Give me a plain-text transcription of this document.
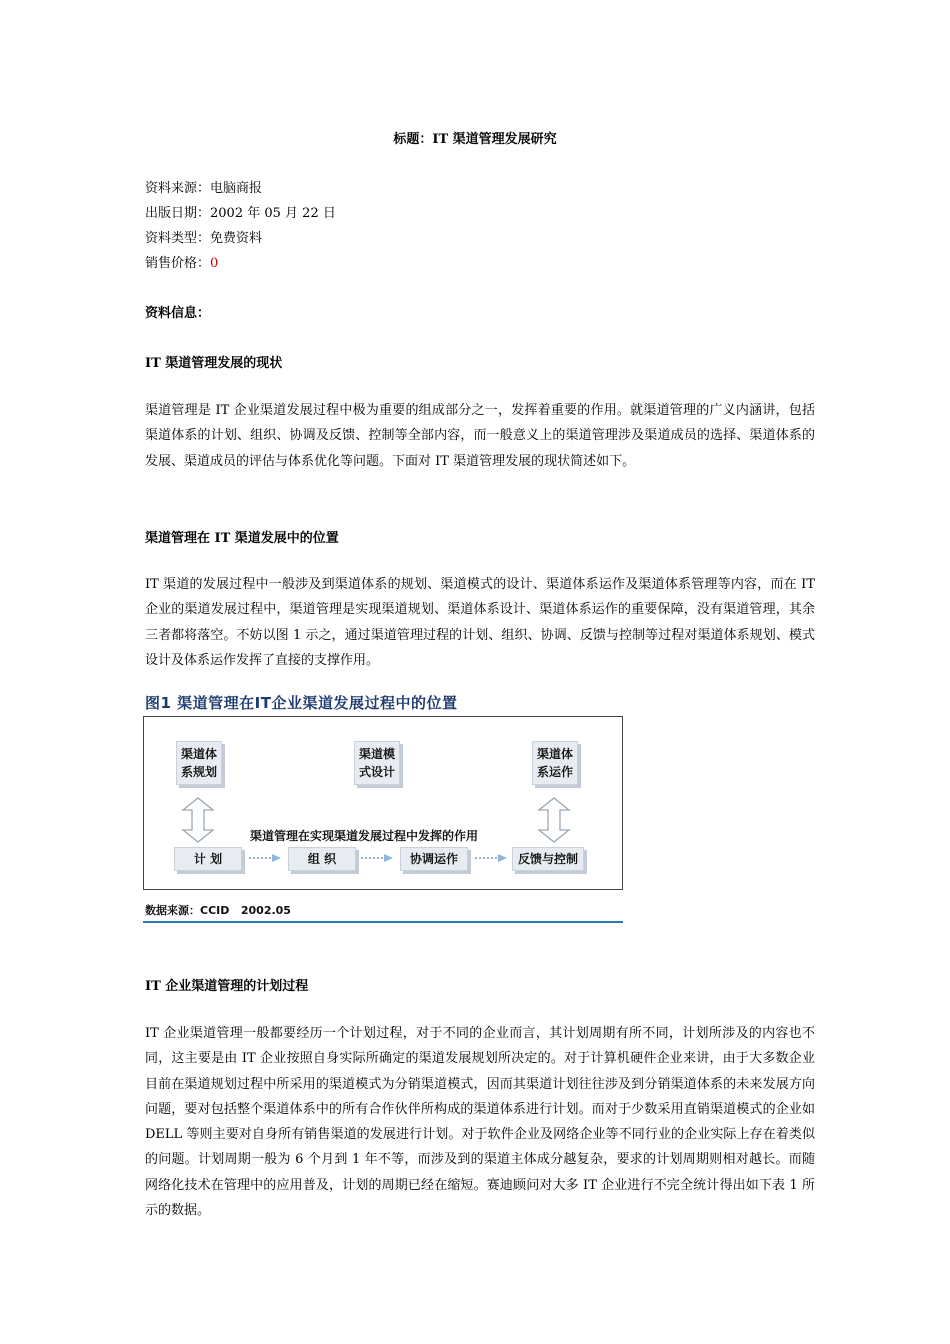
标题：IT 渠道管理发展研究
资料来源：电脑商报
出版日期：2002 年 05 月 22 日
资料类型：免费资料
销售价格：0
资料信息：
IT 渠道管理发展的现状
渠道管理是 IT 企业渠道发展过程中极为重要的组成部分之一，发挥着重要的作用。就渠道管理的广义内涵讲，包括渠道体系的计划、组织、协调及反馈、控制等全部内容，而一般意义上的渠道管理涉及渠道成员的选择、渠道体系的发展、渠道成员的评估与体系优化等问题。下面对 IT 渠道管理发展的现状简述如下。
渠道管理在 IT 渠道发展中的位置
IT 渠道的发展过程中一般涉及到渠道体系的规划、渠道模式的设计、渠道体系运作及渠道体系管理等内容，而在 IT 企业的渠道发展过程中，渠道管理是实现渠道规划、渠道体系设计、渠道体系运作的重要保障，没有渠道管理，其余三者都将落空。不妨以图 1 示之，通过渠道管理过程的计划、组织、协调、反馈与控制等过程对渠道体系规划、模式设计及体系运作发挥了直接的支撑作用。
图1 渠道管理在IT企业渠道发展过程中的位置
渠道体
系规划
渠道模
式设计
渠道体
系运作
渠道管理在实现渠道发展过程中发挥的作用
计 划	组 织	协调运作	反馈与控制
数据来源：CCID   2002.05
IT 企业渠道管理的计划过程
IT 企业渠道管理一般都要经历一个计划过程，对于不同的企业而言，其计划周期有所不同，计划所涉及的内容也不同，这主要是由 IT 企业按照自身实际所确定的渠道发展规划所决定的。对于计算机硬件企业来讲，由于大多数企业目前在渠道规划过程中所采用的渠道模式为分销渠道模式，因而其渠道计划往往涉及到分销渠道体系的未来发展方向问题，要对包括整个渠道体系中的所有合作伙伴所构成的渠道体系进行计划。而对于少数采用直销渠道模式的企业如 DELL 等则主要对自身所有销售渠道的发展进行计划。对于软件企业及网络企业等不同行业的企业实际上存在着类似的问题。计划周期一般为 6 个月到 1 年不等，而涉及到的渠道主体成分越复杂，要求的计划周期则相对越长。而随网络化技术在管理中的应用普及，计划的周期已经在缩短。赛迪顾问对大多 IT 企业进行不完全统计得出如下表 1 所示的数据。
